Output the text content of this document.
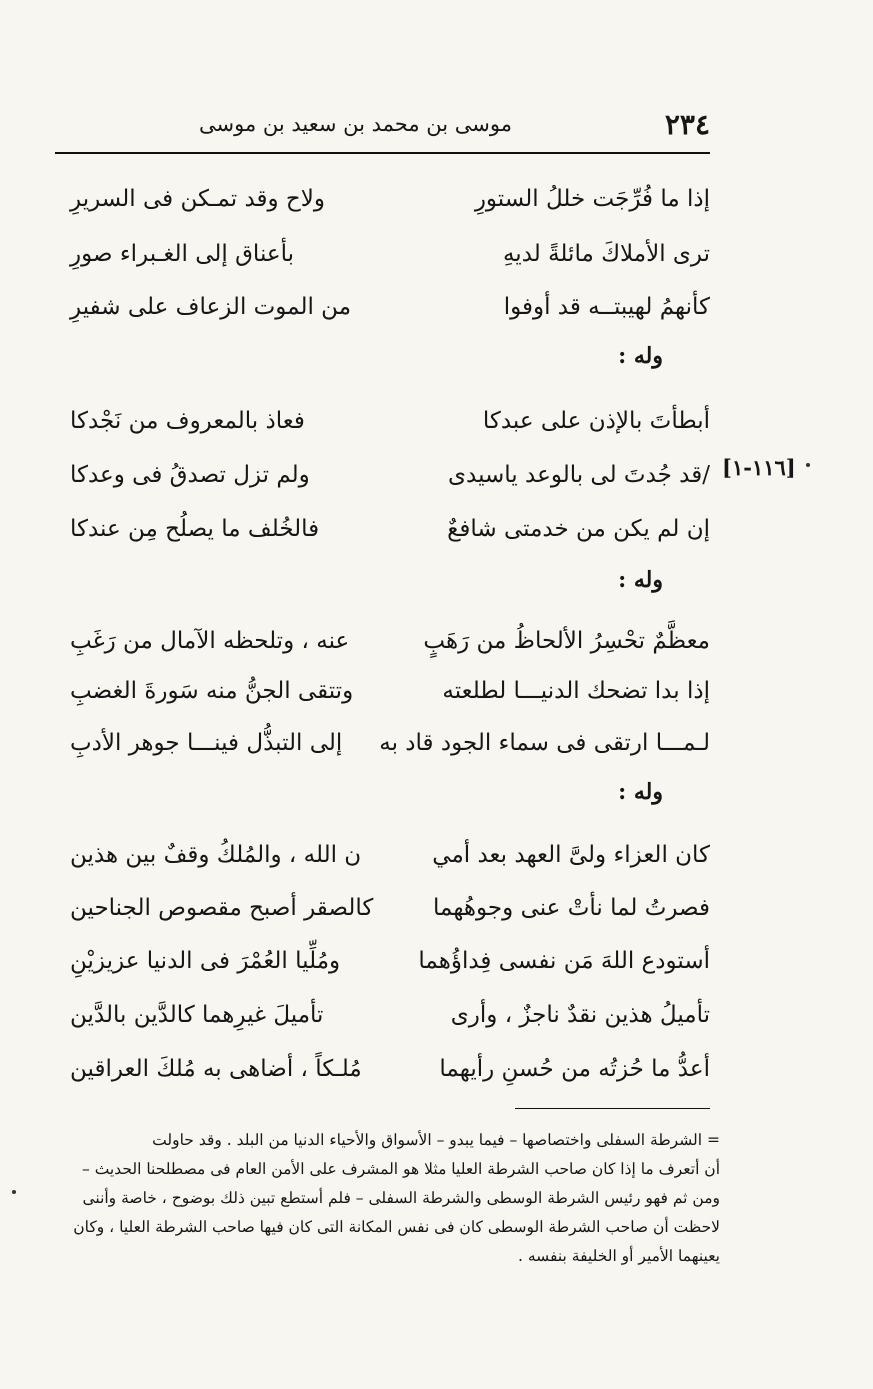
٢٣٤
موسى بن محمد بن سعيد بن موسى
إذا ما فُرِّجَت خللُ الستورِ
ولاح وقد تمـكن فى السريرِ
ترى الأملاكَ مائلةً لديهِ
بأعناق إلى الغـبراء صورِ
كأنهمُ لهيبتــه قد أوفوا
من الموت الزعاف على شفيرِ
وله :
أبطأتَ بالإذن على عبدكا
فعاذ بالمعروف من نَجْدكا
/قد جُدتَ لى بالوعد ياسيدى
ولم تزل تصدقُ فى وعدكا
إن لم يكن من خدمتى شافعٌ
فالخُلف ما يصلُح مِن عندكا
وله :
معظَّمٌ تحْسِرُ الألحاظُ من رَهَبٍ
عنه ، وتلحظه الآمال من رَغَبِ
إذا بدا تضحك الدنيـــا لطلعته
وتتقى الجنُّ منه سَورةَ الغضبِ
لـمـــا ارتقى فى سماء الجود قاد به
إلى التبذُّل فينـــا جوهر الأدبِ
وله :
كان العزاء ولىَّ العهد بعد أمي
ن الله ، والمُلكُ وقفٌ بين هذين
فصرتُ لما نأتْ عنى وجوهُهما
كالصقر أصبح مقصوص الجناحين
أستودع اللهَ مَن نفسى فِداؤُهما
ومُلِّيا العُمْرَ فى الدنيا عزيزيْنِ
تأميلُ هذين نقدٌ ناجزٌ ، وأرى
تأميلَ غيرِهما كالدَّين بالدَّين
أعدُّ ما حُزتُه من حُسنِ رأيهما
مُلـكاً ، أضاهى به مُلكَ العراقين
[١١٦-١]
= الشرطة السفلى واختصاصها – فيما يبدو – الأسواق والأحياء الدنيا من البلد . وقد حاولت
أن أتعرف ما إذا كان صاحب الشرطة العليا مثلا هو المشرف على الأمن العام فى مصطلحنا الحديث –
ومن ثم فهو رئيس الشرطة الوسطى والشرطة السفلى – فلم أستطع تبين ذلك بوضوح ، خاصة وأننى
لاحظت أن صاحب الشرطة الوسطى كان فى نفس المكانة التى كان فيها صاحب الشرطة العليا ، وكان
يعينهما الأمير أو الخليفة بنفسه .
